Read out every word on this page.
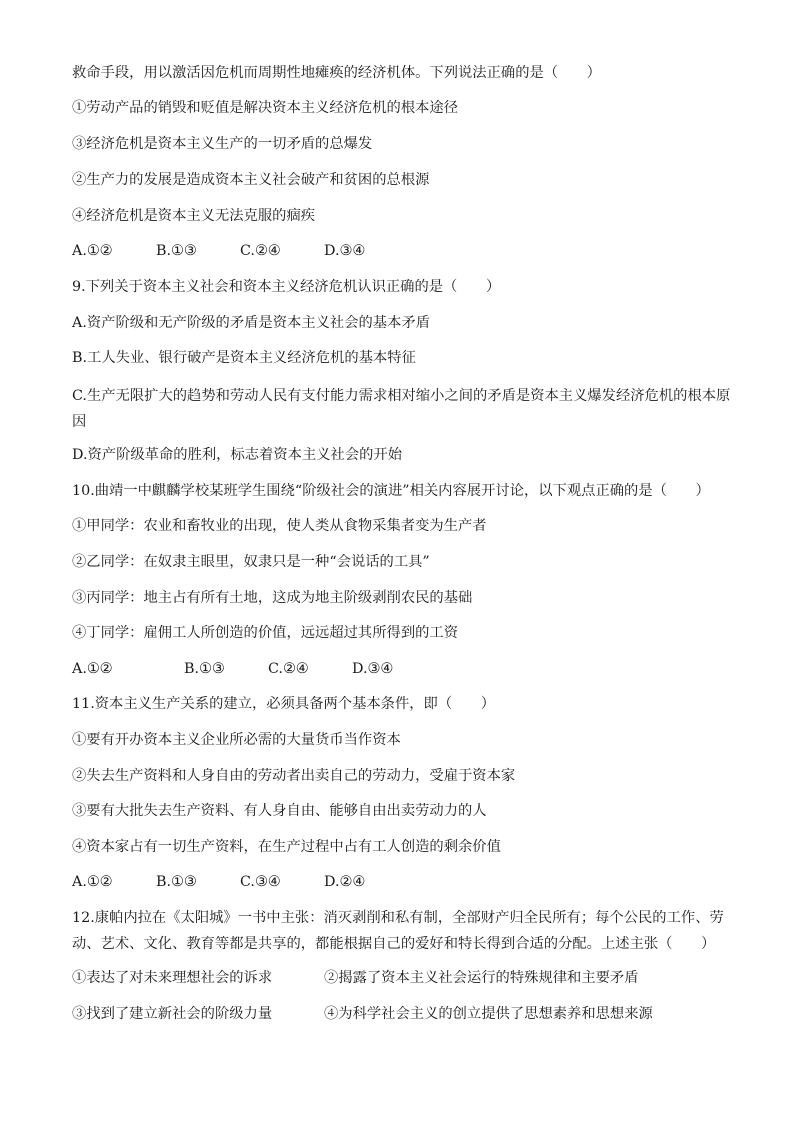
救命手段，用以激活因危机而周期性地瘫痪的经济机体。下列说法正确的是（　　）
①劳动产品的销毁和贬值是解决资本主义经济危机的根本途径
③经济危机是资本主义生产的一切矛盾的总爆发
②生产力的发展是造成资本主义社会破产和贫困的总根源
④经济危机是资本主义无法克服的痼疾
A.①②	B.①③	C.②④	D.③④
9.下列关于资本主义社会和资本主义经济危机认识正确的是（　　）
A.资产阶级和无产阶级的矛盾是资本主义社会的基本矛盾
B.工人失业、银行破产是资本主义经济危机的基本特征
C.生产无限扩大的趋势和劳动人民有支付能力需求相对缩小之间的矛盾是资本主义爆发经济危机的根本原因
D.资产阶级革命的胜利，标志着资本主义社会的开始
10.曲靖一中麒麟学校某班学生围绕“阶级社会的演进”相关内容展开讨论，以下观点正确的是（　　）
①甲同学：农业和畜牧业的出现，使人类从食物采集者变为生产者
②乙同学：在奴隶主眼里，奴隶只是一种“会说话的工具”
③丙同学：地主占有所有土地，这成为地主阶级剥削农民的基础
④丁同学：雇佣工人所创造的价值，远远超过其所得到的工资
A.①②	B.①③	C.②④	D.③④
11.资本主义生产关系的建立，必须具备两个基本条件，即（　　）
①要有开办资本主义企业所必需的大量货币当作资本
②失去生产资料和人身自由的劳动者出卖自己的劳动力，受雇于资本家
③要有大批失去生产资料、有人身自由、能够自由出卖劳动力的人
④资本家占有一切生产资料，在生产过程中占有工人创造的剩余价值
A.①②	B.①③	C.③④	D.②④
12.康帕内拉在《太阳城》一书中主张：消灭剥削和私有制，全部财产归全民所有；每个公民的工作、劳动、艺术、文化、教育等都是共享的，都能根据自己的爱好和特长得到合适的分配。上述主张（　　）
①表达了对未来理想社会的诉求	②揭露了资本主义社会运行的特殊规律和主要矛盾
③找到了建立新社会的阶级力量	④为科学社会主义的创立提供了思想素养和思想来源
